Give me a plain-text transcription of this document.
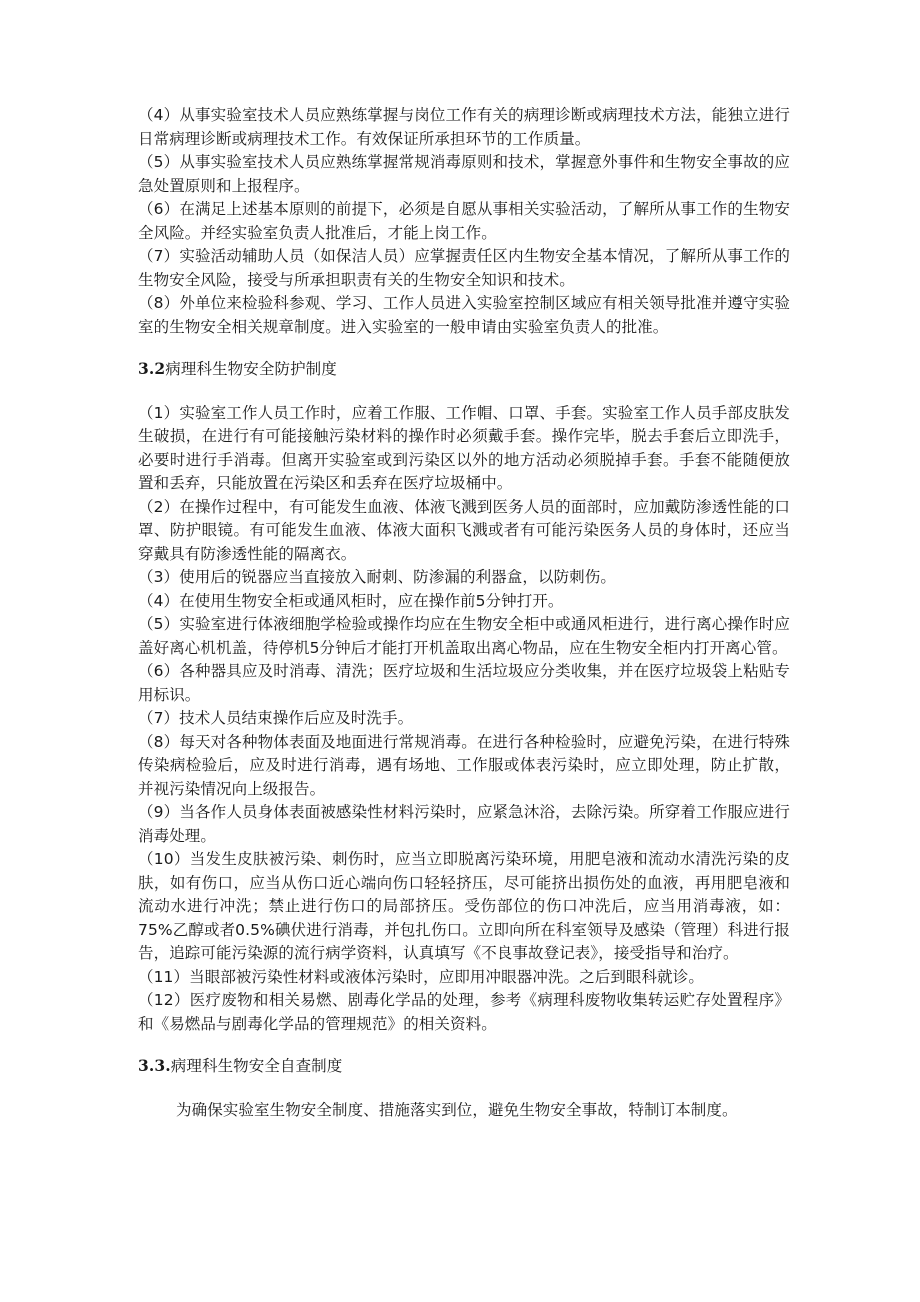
（4）从事实验室技术人员应熟练掌握与岗位工作有关的病理诊断或病理技术方法，能独立进行日常病理诊断或病理技术工作。有效保证所承担环节的工作质量。

（5）从事实验室技术人员应熟练掌握常规消毒原则和技术，掌握意外事件和生物安全事故的应急处置原则和上报程序。

（6）在满足上述基本原则的前提下，必须是自愿从事相关实验活动，了解所从事工作的生物安全风险。并经实验室负责人批准后，才能上岗工作。

（7）实验活动辅助人员（如保洁人员）应掌握责任区内生物安全基本情况，了解所从事工作的生物安全风险，接受与所承担职责有关的生物安全知识和技术。

（8）外单位来检验科参观、学习、工作人员进入实验室控制区域应有相关领导批准并遵守实验室的生物安全相关规章制度。进入实验室的一般申请由实验室负责人的批准。

3.2病理科生物安全防护制度

（1）实验室工作人员工作时，应着工作服、工作帽、口罩、手套。实验室工作人员手部皮肤发生破损，在进行有可能接触污染材料的操作时必须戴手套。操作完毕，脱去手套后立即洗手，必要时进行手消毒。但离开实验室或到污染区以外的地方活动必须脱掉手套。手套不能随便放置和丢弃，只能放置在污染区和丢弃在医疗垃圾桶中。

（2）在操作过程中，有可能发生血液、体液飞溅到医务人员的面部时，应加戴防渗透性能的口罩、防护眼镜。有可能发生血液、体液大面积飞溅或者有可能污染医务人员的身体时，还应当穿戴具有防渗透性能的隔离衣。

（3）使用后的锐器应当直接放入耐刺、防渗漏的利器盒，以防刺伤。

（4）在使用生物安全柜或通风柜时，应在操作前5分钟打开。

（5）实验室进行体液细胞学检验或操作均应在生物安全柜中或通风柜进行，进行离心操作时应盖好离心机机盖，待停机5分钟后才能打开机盖取出离心物品，应在生物安全柜内打开离心管。

（6）各种器具应及时消毒、清洗；医疗垃圾和生活垃圾应分类收集，并在医疗垃圾袋上粘贴专用标识。

（7）技术人员结束操作后应及时洗手。

（8）每天对各种物体表面及地面进行常规消毒。在进行各种检验时，应避免污染，在进行特殊传染病检验后，应及时进行消毒，遇有场地、工作服或体表污染时，应立即处理，防止扩散，并视污染情况向上级报告。

（9）当各作人员身体表面被感染性材料污染时，应紧急沐浴，去除污染。所穿着工作服应进行消毒处理。

（10）当发生皮肤被污染、刺伤时，应当立即脱离污染环境，用肥皂液和流动水清洗污染的皮肤，如有伤口，应当从伤口近心端向伤口轻轻挤压，尽可能挤出损伤处的血液，再用肥皂液和流动水进行冲洗；禁止进行伤口的局部挤压。受伤部位的伤口冲洗后，应当用消毒液，如：75%乙醇或者0.5%碘伏进行消毒，并包扎伤口。立即向所在科室领导及感染（管理）科进行报告，追踪可能污染源的流行病学资料，认真填写《不良事故登记表》，接受指导和治疗。

（11）当眼部被污染性材料或液体污染时，应即用冲眼器冲洗。之后到眼科就诊。

（12）医疗废物和相关易燃、剧毒化学品的处理，参考《病理科废物收集转运贮存处置程序》和《易燃品与剧毒化学品的管理规范》的相关资料。

3.3.病理科生物安全自查制度

为确保实验室生物安全制度、措施落实到位，避免生物安全事故，特制订本制度。
